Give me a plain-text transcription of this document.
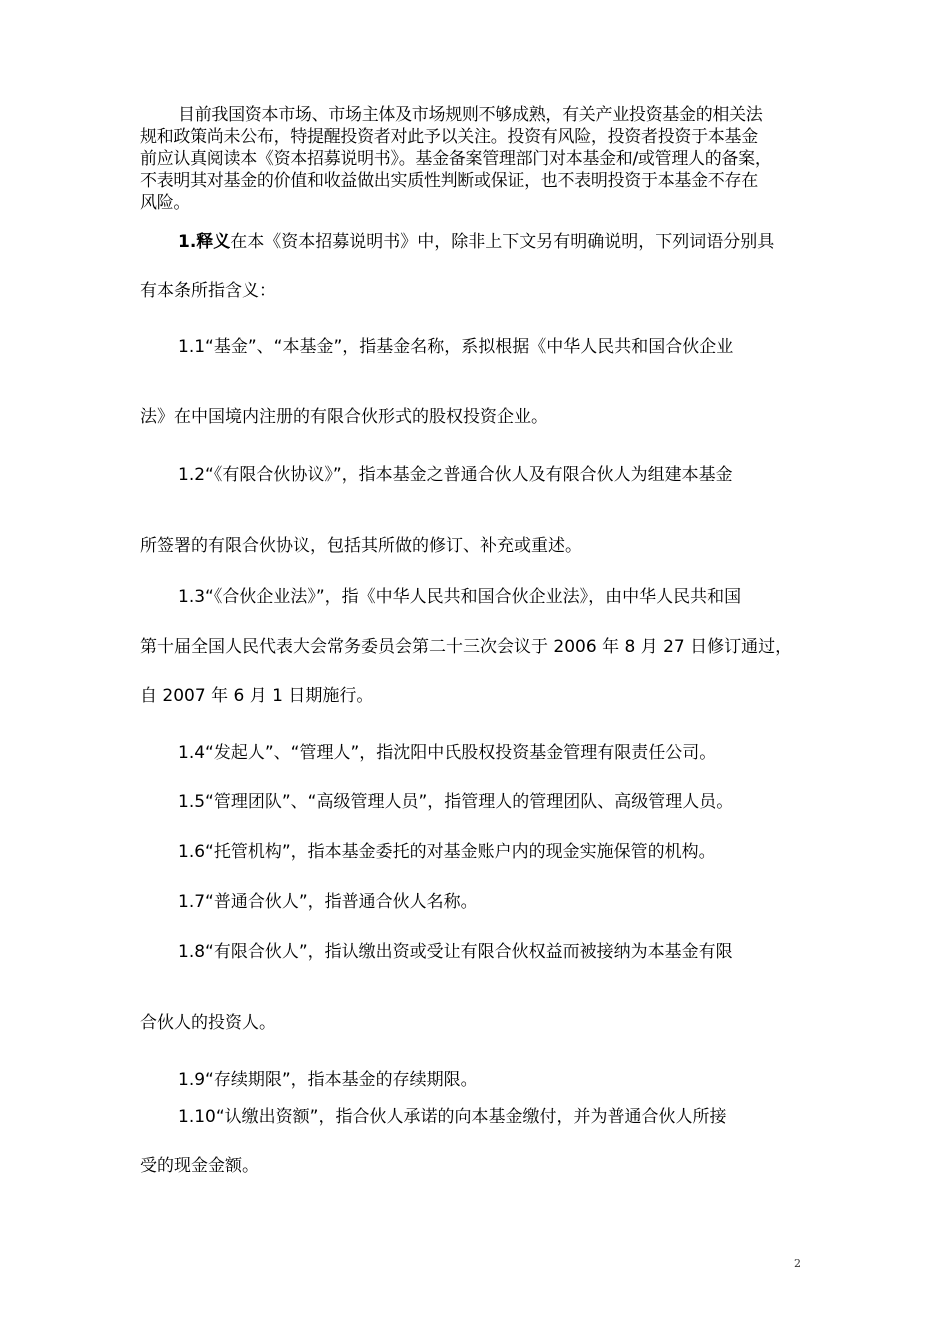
目前我国资本市场、市场主体及市场规则不够成熟，有关产业投资基金的相关法
规和政策尚未公布，特提醒投资者对此予以关注。投资有风险，投资者投资于本基金
前应认真阅读本《资本招募说明书》。基金备案管理部门对本基金和/或管理人的备案，
不表明其对基金的价值和收益做出实质性判断或保证，也不表明投资于本基金不存在
风险。
1.释义在本《资本招募说明书》中，除非上下文另有明确说明，下列词语分别具
有本条所指含义：
1.1“基金”、“本基金”，指基金名称，系拟根据《中华人民共和国合伙企业
法》在中国境内注册的有限合伙形式的股权投资企业。
1.2“《有限合伙协议》”，指本基金之普通合伙人及有限合伙人为组建本基金
所签署的有限合伙协议，包括其所做的修订、补充或重述。
1.3“《合伙企业法》”，指《中华人民共和国合伙企业法》，由中华人民共和国
第十届全国人民代表大会常务委员会第二十三次会议于 2006 年 8 月 27 日修订通过，
自 2007 年 6 月 1 日期施行。
1.4“发起人”、“管理人”，指沈阳中氏股权投资基金管理有限责任公司。
1.5“管理团队”、“高级管理人员”，指管理人的管理团队、高级管理人员。
1.6“托管机构”，指本基金委托的对基金账户内的现金实施保管的机构。
1.7“普通合伙人”，指普通合伙人名称。
1.8“有限合伙人”，指认缴出资或受让有限合伙权益而被接纳为本基金有限
合伙人的投资人。
1.9“存续期限”，指本基金的存续期限。
1.10“认缴出资额”，指合伙人承诺的向本基金缴付，并为普通合伙人所接
受的现金金额。
2
